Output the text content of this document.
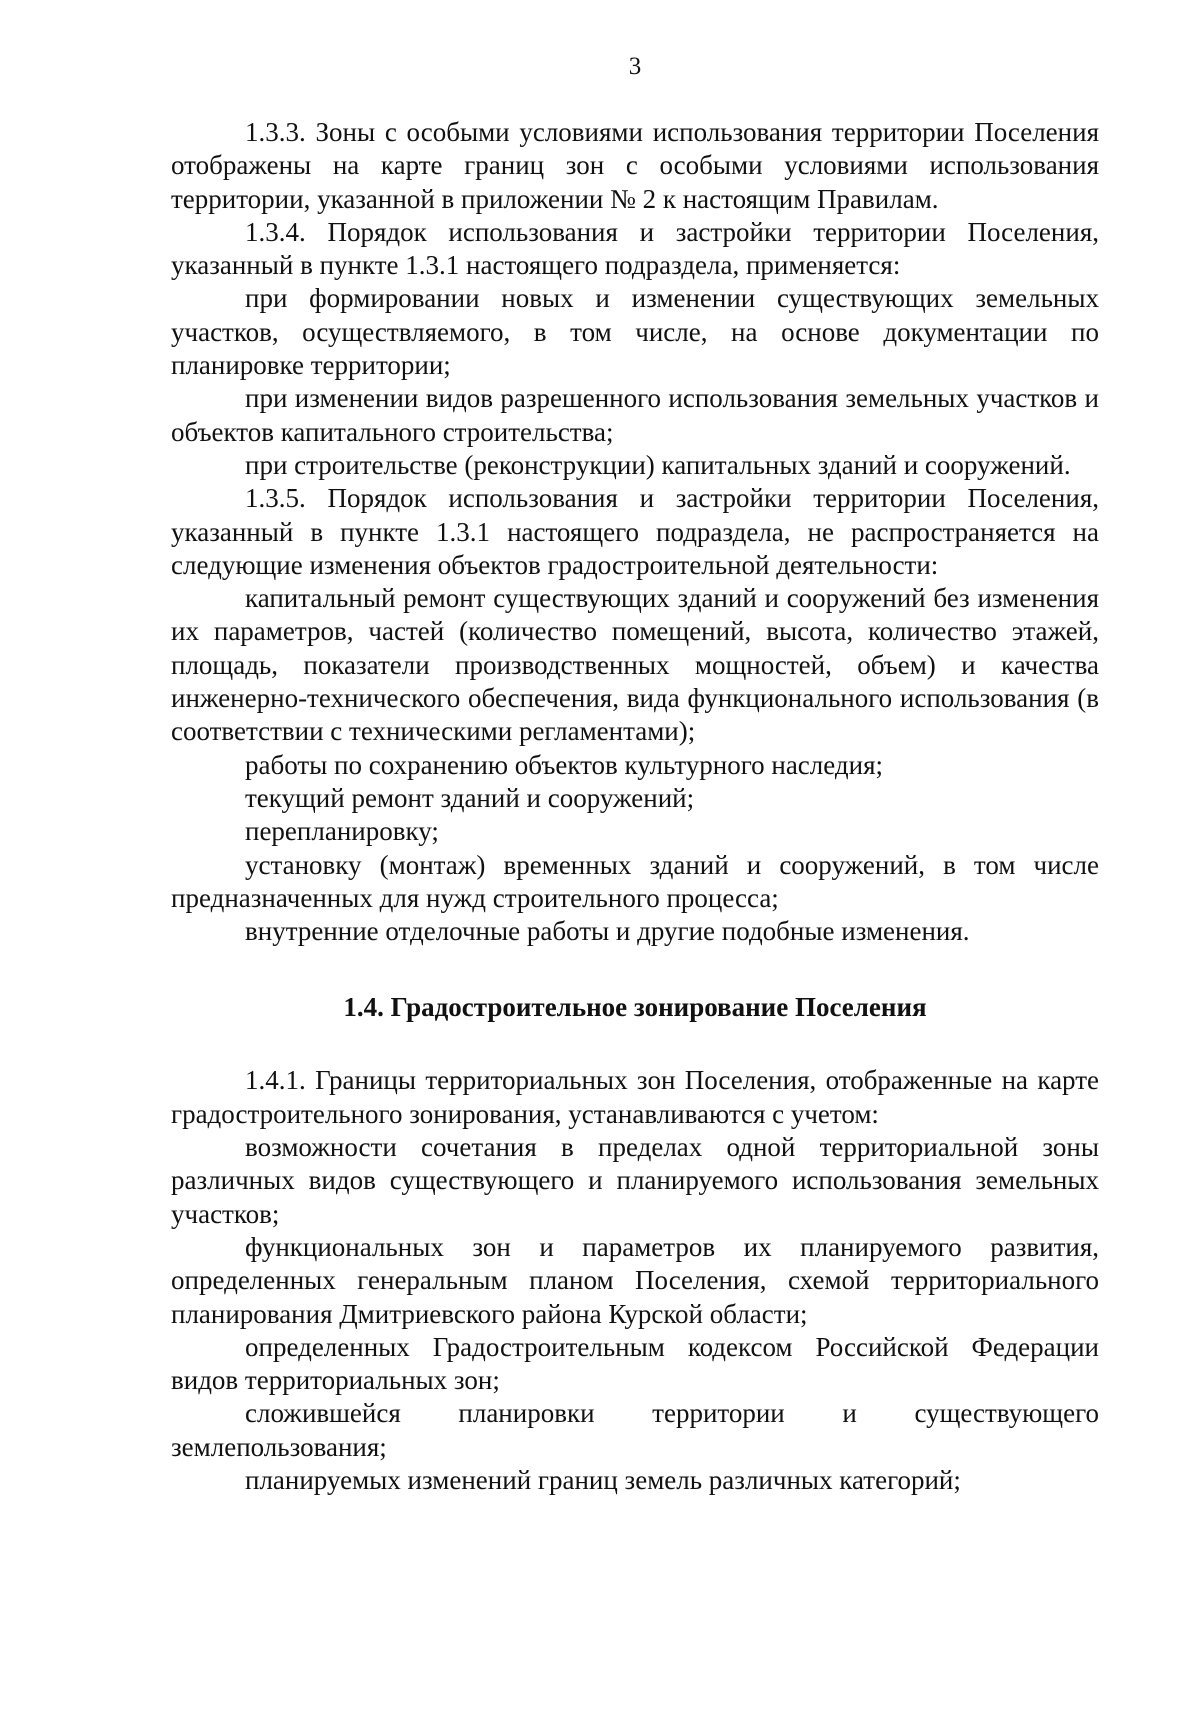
3

1.3.3. Зоны с особыми условиями использования территории Поселения отображены на карте границ зон с особыми условиями использования территории, указанной в приложении № 2 к настоящим Правилам.

1.3.4. Порядок использования и застройки территории Поселения, указанный в пункте 1.3.1 настоящего подраздела, применяется:

при формировании новых и изменении существующих земельных участков, осуществляемого, в том числе, на основе документации по планировке территории;

при изменении видов разрешенного использования земельных участков и объектов капитального строительства;

при строительстве (реконструкции) капитальных зданий и сооружений.

1.3.5. Порядок использования и застройки территории Поселения, указанный в пункте 1.3.1 настоящего подраздела, не распространяется на следующие изменения объектов градостроительной деятельности:

капитальный ремонт существующих зданий и сооружений без изменения их параметров, частей (количество помещений, высота, количество этажей, площадь, показатели производственных мощностей, объем) и качества инженерно-технического обеспечения, вида функционального использования (в соответствии с техническими регламентами);

работы по сохранению объектов культурного наследия;

текущий ремонт зданий и сооружений;

перепланировку;

установку (монтаж) временных зданий и сооружений, в том числе предназначенных для нужд строительного процесса;

внутренние отделочные работы и другие подобные изменения.

1.4. Градостроительное зонирование Поселения

1.4.1. Границы территориальных зон Поселения, отображенные на карте градостроительного зонирования, устанавливаются с учетом:

возможности сочетания в пределах одной территориальной зоны различных видов существующего и планируемого использования земельных участков;

функциональных зон и параметров их планируемого развития, определенных генеральным планом Поселения, схемой территориального планирования Дмитриевского района Курской области;

определенных Градостроительным кодексом Российской Федерации видов территориальных зон;

сложившейся планировки территории и существующего землепользования;

планируемых изменений границ земель различных категорий;
